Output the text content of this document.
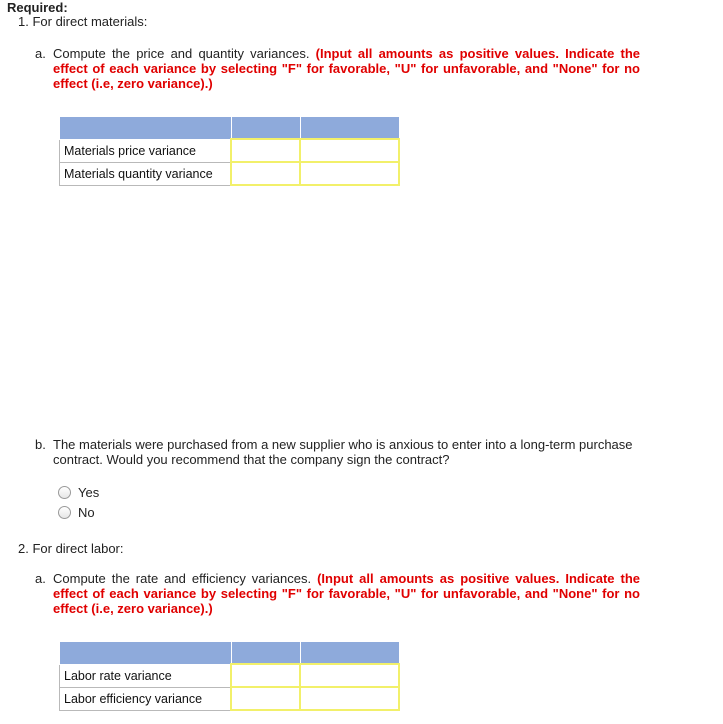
Required:
1. For direct materials:
a. Compute the price and quantity variances. (Input all amounts as positive values. Indicate the effect of each variance by selecting "F" for favorable, "U" for unfavorable, and "None" for no effect (i.e, zero variance).)

Materials price variance		
Materials quantity variance		
b. The materials were purchased from a new supplier who is anxious to enter into a long-term purchase contract. Would you recommend that the company sign the contract?
Yes
No
2. For direct labor:
a. Compute the rate and efficiency variances. (Input all amounts as positive values. Indicate the effect of each variance by selecting "F" for favorable, "U" for unfavorable, and "None" for no effect (i.e, zero variance).)

Labor rate variance		
Labor efficiency variance		
